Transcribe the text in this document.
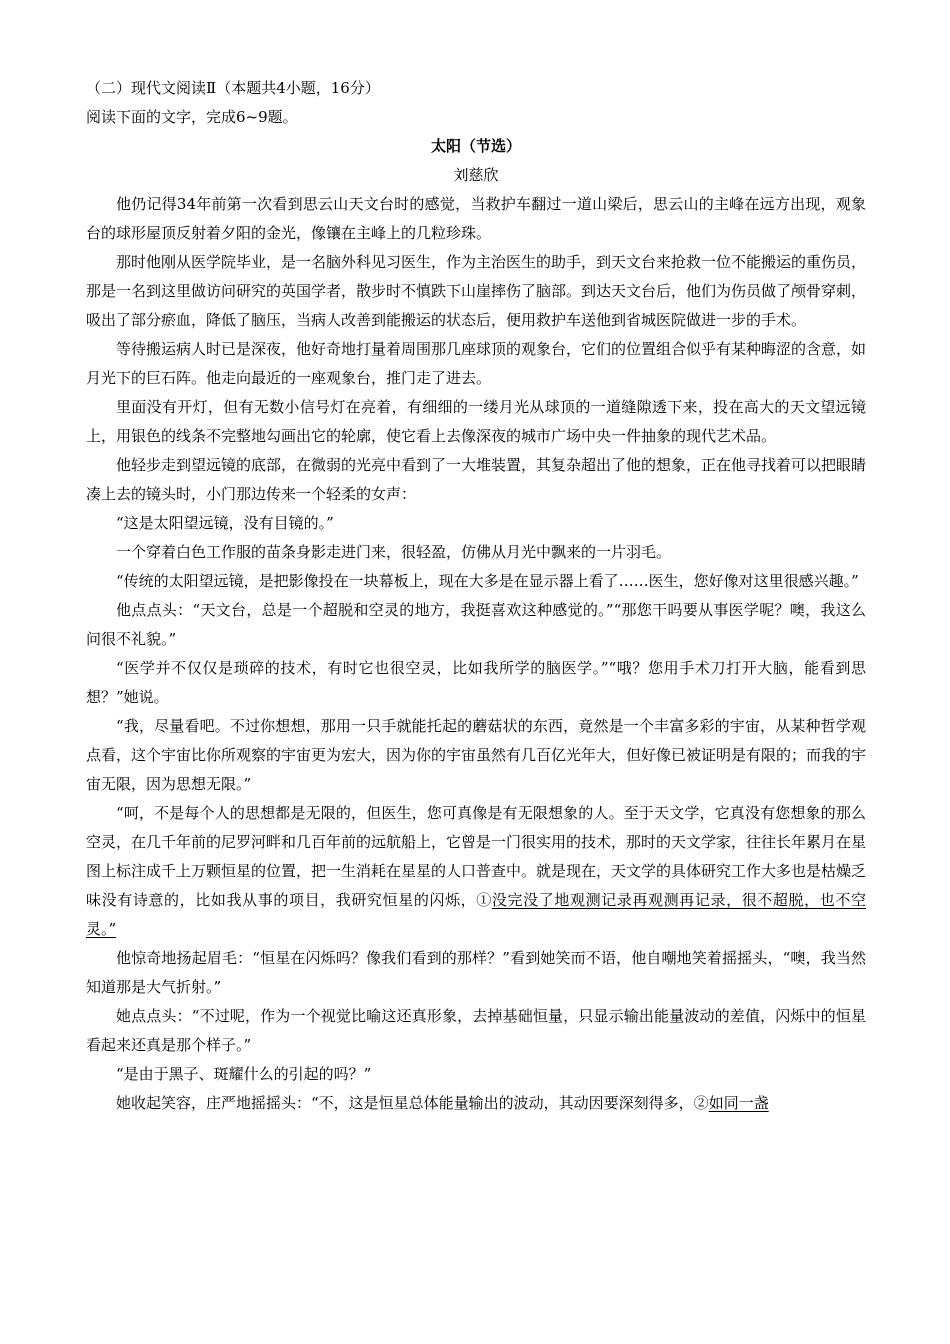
（二）现代文阅读Ⅱ（本题共4小题，16分）

阅读下面的文字，完成6~9题。

太阳（节选）

刘慈欣

他仍记得34年前第一次看到思云山天文台时的感觉，当救护车翻过一道山梁后，思云山的主峰在远方出现，观象台的球形屋顶反射着夕阳的金光，像镶在主峰上的几粒珍珠。

那时他刚从医学院毕业，是一名脑外科见习医生，作为主治医生的助手，到天文台来抢救一位不能搬运的重伤员，那是一名到这里做访问研究的英国学者，散步时不慎跌下山崖摔伤了脑部。到达天文台后，他们为伤员做了颅骨穿刺，吸出了部分瘀血，降低了脑压，当病人改善到能搬运的状态后，便用救护车送他到省城医院做进一步的手术。

等待搬运病人时已是深夜，他好奇地打量着周围那几座球顶的观象台，它们的位置组合似乎有某种晦涩的含意，如月光下的巨石阵。他走向最近的一座观象台，推门走了进去。

里面没有开灯，但有无数小信号灯在亮着，有细细的一缕月光从球顶的一道缝隙透下来，投在高大的天文望远镜上，用银色的线条不完整地勾画出它的轮廓，使它看上去像深夜的城市广场中央一件抽象的现代艺术品。

他轻步走到望远镜的底部，在微弱的光亮中看到了一大堆装置，其复杂超出了他的想象，正在他寻找着可以把眼睛凑上去的镜头时，小门那边传来一个轻柔的女声：

“这是太阳望远镜，没有目镜的。”

一个穿着白色工作服的苗条身影走进门来，很轻盈，仿佛从月光中飘来的一片羽毛。

“传统的太阳望远镜，是把影像投在一块幕板上，现在大多是在显示器上看了……医生，您好像对这里很感兴趣。”

他点点头：“天文台，总是一个超脱和空灵的地方，我挺喜欢这种感觉的。”“那您干吗要从事医学呢？噢，我这么问很不礼貌。”

“医学并不仅仅是琐碎的技术，有时它也很空灵，比如我所学的脑医学。”“哦？您用手术刀打开大脑，能看到思想？”她说。

“我，尽量看吧。不过你想想，那用一只手就能托起的蘑菇状的东西，竟然是一个丰富多彩的宇宙，从某种哲学观点看，这个宇宙比你所观察的宇宙更为宏大，因为你的宇宙虽然有几百亿光年大，但好像已被证明是有限的；而我的宇宙无限，因为思想无限。”

“呵，不是每个人的思想都是无限的，但医生，您可真像是有无限想象的人。至于天文学，它真没有您想象的那么空灵，在几千年前的尼罗河畔和几百年前的远航船上，它曾是一门很实用的技术，那时的天文学家，往往长年累月在星图上标注成千上万颗恒星的位置，把一生消耗在星星的人口普查中。就是现在，天文学的具体研究工作大多也是枯燥乏味没有诗意的，比如我从事的项目，我研究恒星的闪烁，①没完没了地观测记录再观测再记录，很不超脱，也不空灵。”

他惊奇地扬起眉毛：“恒星在闪烁吗？像我们看到的那样？”看到她笑而不语，他自嘲地笑着摇摇头，“噢，我当然知道那是大气折射。”

她点点头：“不过呢，作为一个视觉比喻这还真形象，去掉基础恒量，只显示输出能量波动的差值，闪烁中的恒星看起来还真是那个样子。”

“是由于黑子、斑耀什么的引起的吗？”

她收起笑容，庄严地摇摇头：“不，这是恒星总体能量输出的波动，其动因要深刻得多，②如同一盏
